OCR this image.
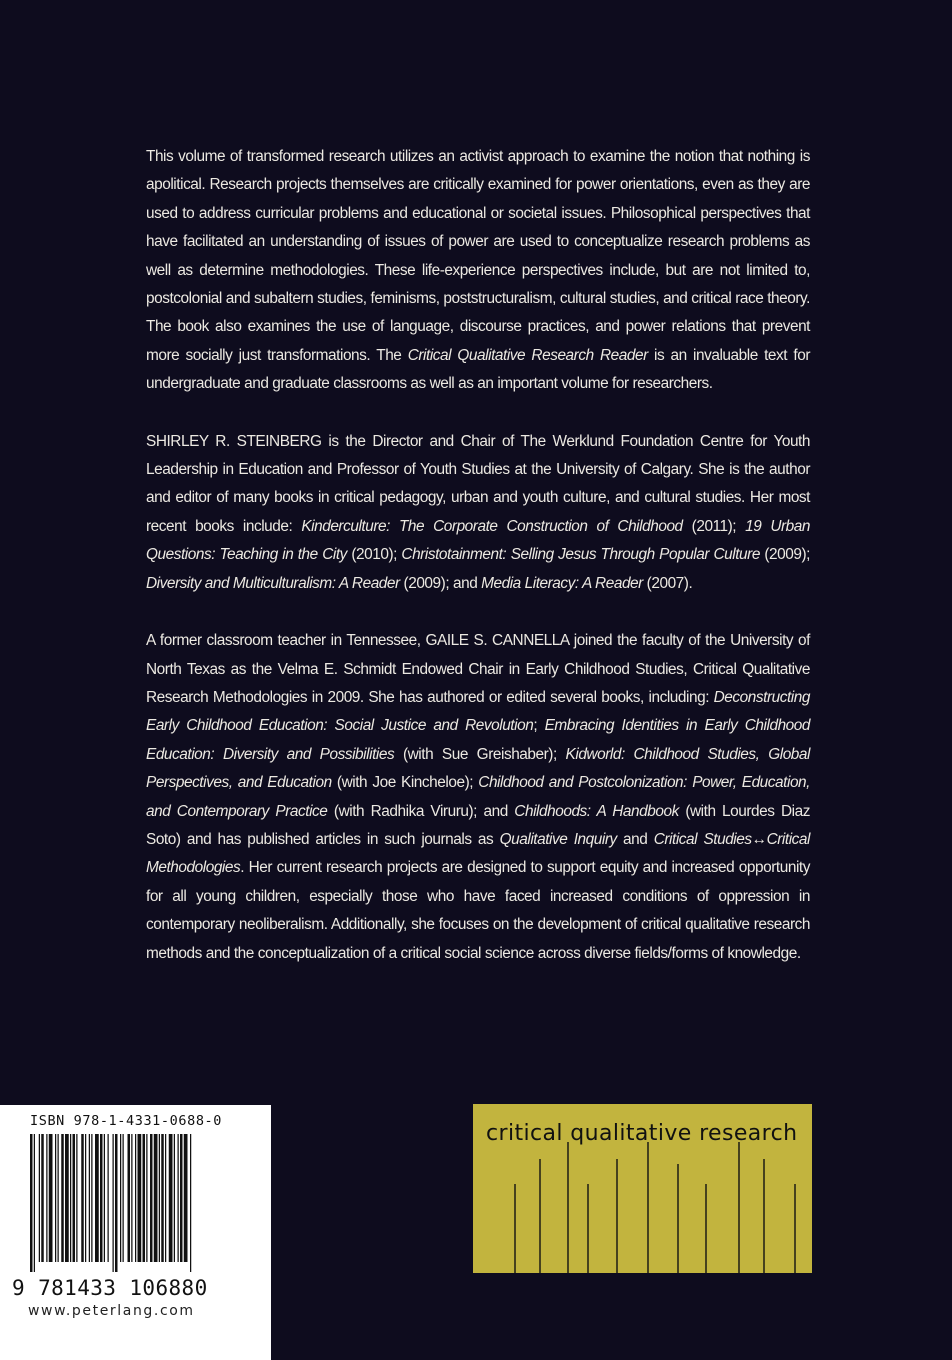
This volume of transformed research utilizes an activist approach to examine the notion that nothing is apolitical. Research projects themselves are critically examined for power orientations, even as they are used to address curricular problems and educational or societal issues. Philosophical perspectives that have facilitated an understanding of issues of power are used to conceptualize research problems as well as determine methodologies. These life-experience perspectives include, but are not limited to, postcolonial and subaltern studies, feminisms, poststructuralism, cultural studies, and critical race theory. The book also examines the use of language, discourse practices, and power relations that prevent more socially just transformations. The Critical Qualitative Research Reader is an invaluable text for undergraduate and graduate classrooms as well as an important volume for researchers.

SHIRLEY R. STEINBERG is the Director and Chair of The Werklund Foundation Centre for Youth Leadership in Education and Professor of Youth Studies at the University of Calgary. She is the author and editor of many books in critical pedagogy, urban and youth culture, and cultural studies. Her most recent books include: Kinderculture: The Corporate Construction of Childhood (2011); 19 Urban Questions: Teaching in the City (2010); Christotainment: Selling Jesus Through Popular Culture (2009); Diversity and Multiculturalism: A Reader (2009); and Media Literacy: A Reader (2007).

A former classroom teacher in Tennessee, GAILE S. CANNELLA joined the faculty of the University of North Texas as the Velma E. Schmidt Endowed Chair in Early Childhood Studies, Critical Qualitative Research Methodologies in 2009. She has authored or edited several books, including: Deconstructing Early Childhood Education: Social Justice and Revolution; Embracing Identities in Early Childhood Education: Diversity and Possibilities (with Sue Greishaber); Kidworld: Childhood Studies, Global Perspectives, and Education (with Joe Kincheloe); Childhood and Postcolonization: Power, Education, and Contemporary Practice (with Radhika Viruru); and Childhoods: A Handbook (with Lourdes Diaz Soto) and has published articles in such journals as Qualitative Inquiry and Critical Studies↔Critical Methodologies. Her current research projects are designed to support equity and increased opportunity for all young children, especially those who have faced increased conditions of oppression in contemporary neoliberalism. Additionally, she focuses on the development of critical qualitative research methods and the conceptualization of a critical social science across diverse fields/forms of knowledge.

ISBN 978-1-4331-0688-0
9 781433 106880
www.peterlang.com
critical qualitative research
